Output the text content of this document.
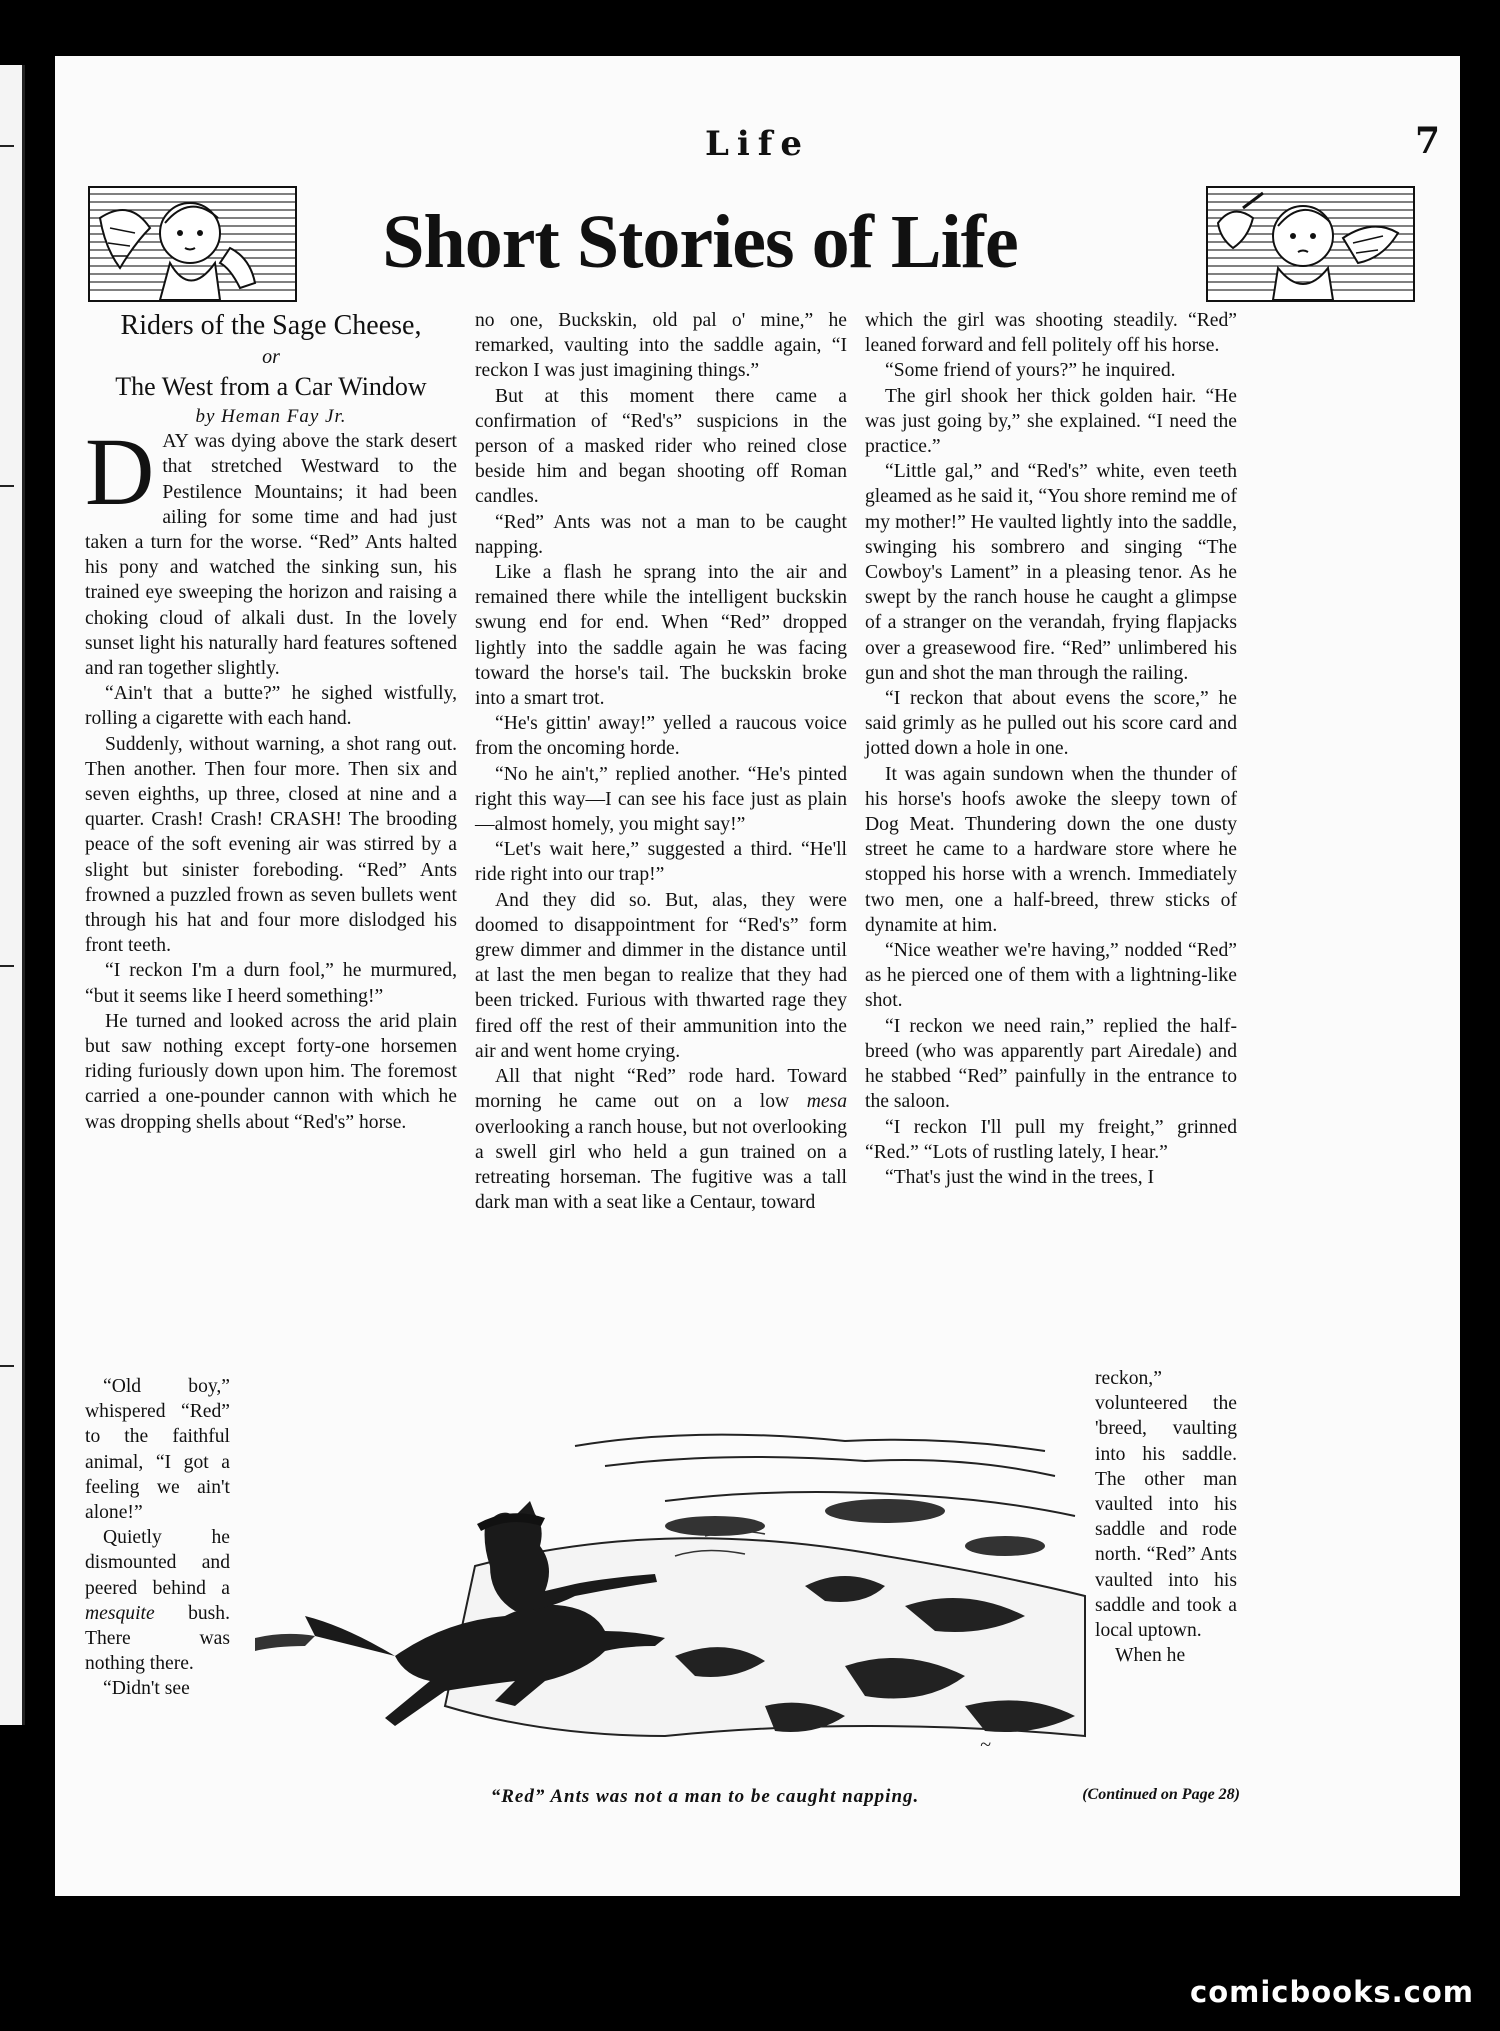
Life	7
Short Stories of Life

Riders of the Sage Cheese,

or

The West from a Car Window

by Heman Fay Jr.

DAY was dying above the stark desert that stretched Westward to the Pestilence Mountains; it had been ailing for some time and had just taken a turn for the worse. “Red” Ants halted his pony and watched the sinking sun, his trained eye sweeping the horizon and raising a choking cloud of alkali dust. In the lovely sunset light his naturally hard features softened and ran together slightly.

“Ain't that a butte?” he sighed wistfully, rolling a cigarette with each hand.

Suddenly, without warning, a shot rang out. Then another. Then four more. Then six and seven eighths, up three, closed at nine and a quarter. Crash! Crash! CRASH! The brooding peace of the soft evening air was stirred by a slight but sinister foreboding. “Red” Ants frowned a puzzled frown as seven bullets went through his hat and four more dislodged his front teeth.

“I reckon I'm a durn fool,” he murmured, “but it seems like I heerd something!”

He turned and looked across the arid plain but saw nothing except forty-one horsemen riding furiously down upon him. The foremost carried a one-pounder cannon with which he was dropping shells about “Red's” horse.

“Old boy,” whispered “Red” to the faithful animal, “I got a feeling we ain't alone!”

Quietly he dismounted and peered behind a mesquite bush. There was nothing there.

“Didn't see

no one, Buckskin, old pal o' mine,” he remarked, vaulting into the saddle again, “I reckon I was just imagining things.”

But at this moment there came a confirmation of “Red's” suspicions in the person of a masked rider who reined close beside him and began shooting off Roman candles.

“Red” Ants was not a man to be caught napping.

Like a flash he sprang into the air and remained there while the intelligent buckskin swung end for end. When “Red” dropped lightly into the saddle again he was facing toward the horse's tail. The buckskin broke into a smart trot.

“He's gittin' away!” yelled a raucous voice from the oncoming horde.

“No he ain't,” replied another. “He's pinted right this way—I can see his face just as plain—almost homely, you might say!”

“Let's wait here,” suggested a third. “He'll ride right into our trap!”

And they did so. But, alas, they were doomed to disappointment for “Red's” form grew dimmer and dimmer in the distance until at last the men began to realize that they had been tricked. Furious with thwarted rage they fired off the rest of their ammunition into the air and went home crying.

All that night “Red” rode hard. Toward morning he came out on a low mesa overlooking a ranch house, but not overlooking a swell girl who held a gun trained on a retreating horseman. The fugitive was a tall dark man with a seat like a Centaur, toward

which the girl was shooting steadily. “Red” leaned forward and fell politely off his horse.

“Some friend of yours?” he inquired.

The girl shook her thick golden hair. “He was just going by,” she explained. “I need the practice.”

“Little gal,” and “Red's” white, even teeth gleamed as he said it, “You shore remind me of my mother!” He vaulted lightly into the saddle, swinging his sombrero and singing “The Cowboy's Lament” in a pleasing tenor. As he swept by the ranch house he caught a glimpse of a stranger on the verandah, frying flapjacks over a greasewood fire. “Red” unlimbered his gun and shot the man through the railing.

“I reckon that about evens the score,” he said grimly as he pulled out his score card and jotted down a hole in one.

It was again sundown when the thunder of his horse's hoofs awoke the sleepy town of Dog Meat. Thundering down the one dusty street he came to a hardware store where he stopped his horse with a wrench. Immediately two men, one a half-breed, threw sticks of dynamite at him.

“Nice weather we're having,” nodded “Red” as he pierced one of them with a lightning-like shot.

“I reckon we need rain,” replied the half-breed (who was apparently part Airedale) and he stabbed “Red” painfully in the entrance to the saloon.

“I reckon I'll pull my freight,” grinned “Red.” “Lots of rustling lately, I hear.”

“That's just the wind in the trees, I

reckon,” volunteered the 'breed, vaulting into his saddle. The other man vaulted into his saddle and rode north. “Red” Ants vaulted into his saddle and took a local uptown.

When he

~
“Red” Ants was not a man to be caught napping.	(Continued on Page 28)
comicbooks.com
